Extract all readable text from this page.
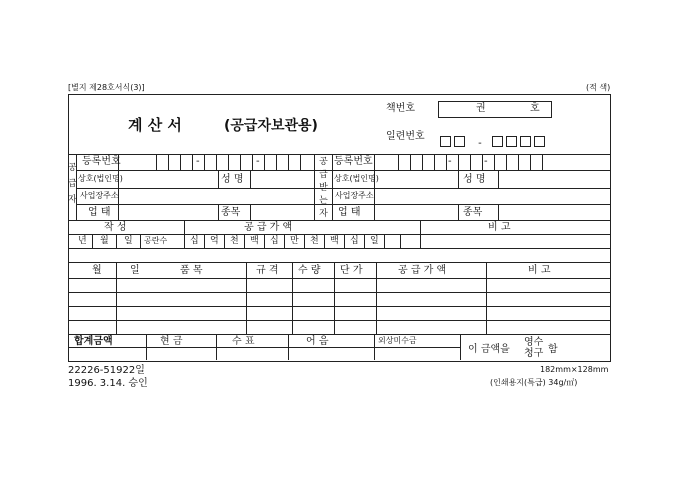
[별지 제28호서식(3)]	(적 색)
계 산 서	(공급자보관용)
책번호	권	호
일련번호
-
공
급
자
등록번호	-	-
상호(법인명)	성 명
사업장주소
업 태	종목
공
급
받
는
자
등록번호	-	-
상호(법인명)	성 명
사업장주소
업 태	종목
작 성	공 급 가 액	비 고
년 월 일 공란수	십 억 천 백 십 만 천 백 십 일
월	일	품 목	규 격 수 량 단 가	공 급 가 액	비 고
합계금액	현 금	수 표	어 음	외상미수금
이 금액을
영수
청구 함
22226-51922일
1996. 3.14. 승인
182mm×128mm
(인쇄용지(특급) 34g/㎡)
